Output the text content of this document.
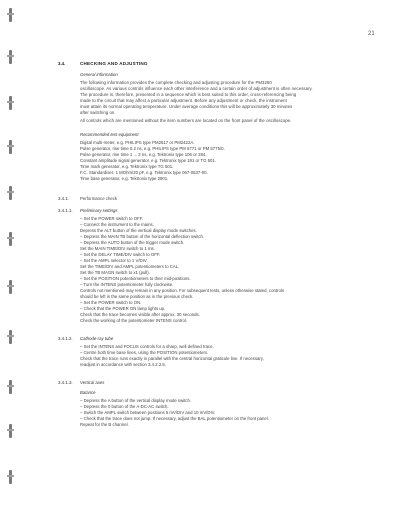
21
3.4.	CHECKING AND ADJUSTING
General information
The following information provides the complete checking and adjusting procedure for the PM3260
oscilloscope. As various controls influence each other interference and a certain order of adjustment is often necessary.
The procedure is, therefore, presented in a sequence which is best suited to this order, cross-referencing being
made to the circuit that may affect a particular adjustment. Before any adjustment or check, the instrument
must attain its normal operating temperature. Under average conditions this will be approximately 30 minutes
after switching on.
All controls which are mentioned without the item numbers are located on the front panel of the oscilloscope.
Recommended test equipment
Digital multi-meter, e.g. PHILIPS type PM2517 or PM2422A.
Pulse generator, rise time 0.2 ns, e.g. PHILIPS type PM 5771 or PM 5775/0.
Pulse generator, rise time 1 ... 2 ns, e.g. Tektronix type 106 or 284.
Constant amplitude signal generator, e.g. Tektronix type 191 or TG 501.
Time mark generator, e.g. Tektronix type TG 501.
F.C. Standardiser: 1 MOhm/20 pF, e.g. Tektronix type 067-0537-00.
Time base generator, e.g. Tektronix type 2901.
3.4.1.	Performance check
3.4.1.1. Preliminary settings
– Set the POWER switch to OFF.
– Connect the instrument to the mains.
Depress the ALT button of the vertical display mode switches.
– Depress the MAIN TB button of the horizontal deflection switch.
– Depress the AUTO button of the trigger mode switch.
Set the MAIN TIME/DIV switch to 1 ms.
– Set the DELAY TIME/DIV switch to OFF.
– Set the AMPL selector to 1 V/DIV.
Set the TIME/DIV and AMPL potentiometers to CAL.
Set the TB MAGN switch to x1 (pull).
– Set the POSITION potentiometers to their mid-positions.
– Turn the INTENS potentiometer fully clockwise.
Controls not mentioned may remain in any position. For subsequent tests, unless otherwise stated, controls
should be left in the same position as in the previous check.
– Set the POWER switch to ON.
– Check that the POWER ON lamp lights up.
Check that the trace becomes visible after approx. 30 seconds.
Check the working of the potentiometer INTENS control.
3.4.1.2. Cathode-ray tube
– Set the INTENS and FOCUS controls for a sharp, well defined trace.
– Centre both time base lines, using the POSITION potentiometers.
Check that the trace runs exactly in parallel with the central horizontal graticule line. If necessary,
readjust in accordance with section 3.4.2.2.5.
3.4.1.3. Vertical axes
Balance
– Depress the A button of the vertical display mode switch.
– Depress the 0 button of the A-DC-AC switch.
– Switch the AMPL switch between positions 5 mV/DIV and 10 mV/DIV.
– Check that the trace does not jump. If necessary, adjust the BAL potentiometer on the front panel.
Repeat for the B channel.
